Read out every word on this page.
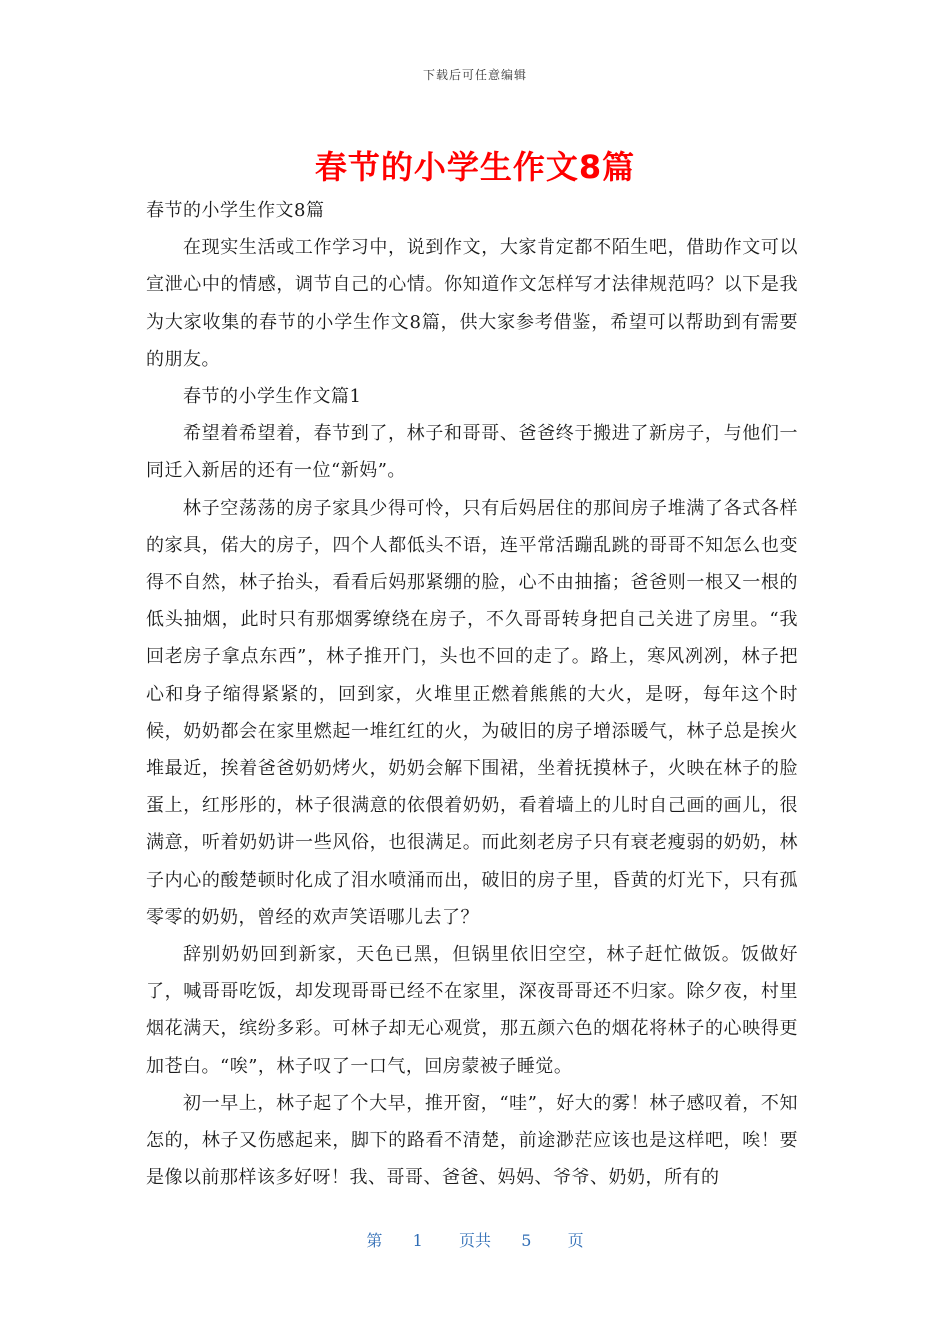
下载后可任意编辑
春节的小学生作文8篇

春节的小学生作文8篇

在现实生活或工作学习中，说到作文，大家肯定都不陌生吧，借助作文可以宣泄心中的情感，调节自己的心情。你知道作文怎样写才法律规范吗？以下是我为大家收集的春节的小学生作文8篇，供大家参考借鉴，希望可以帮助到有需要的朋友。

春节的小学生作文篇1

希望着希望着，春节到了，林子和哥哥、爸爸终于搬进了新房子，与他们一同迁入新居的还有一位“新妈”。

林子空荡荡的房子家具少得可怜，只有后妈居住的那间房子堆满了各式各样的家具，偌大的房子，四个人都低头不语，连平常活蹦乱跳的哥哥不知怎么也变得不自然，林子抬头，看看后妈那紧绷的脸，心不由抽搐；爸爸则一根又一根的低头抽烟，此时只有那烟雾缭绕在房子，不久哥哥转身把自己关进了房里。“我回老房子拿点东西”，林子推开门，头也不回的走了。路上，寒风冽冽，林子把心和身子缩得紧紧的，回到家，火堆里正燃着熊熊的大火，是呀，每年这个时候，奶奶都会在家里燃起一堆红红的火，为破旧的房子增添暖气，林子总是挨火堆最近，挨着爸爸奶奶烤火，奶奶会解下围裙，坐着抚摸林子，火映在林子的脸蛋上，红彤彤的，林子很满意的依偎着奶奶，看着墙上的儿时自己画的画儿，很满意，听着奶奶讲一些风俗，也很满足。而此刻老房子只有衰老瘦弱的奶奶，林子内心的酸楚顿时化成了泪水喷涌而出，破旧的房子里，昏黄的灯光下，只有孤零零的奶奶，曾经的欢声笑语哪儿去了？

辞别奶奶回到新家，天色已黑，但锅里依旧空空，林子赶忙做饭。饭做好了，喊哥哥吃饭，却发现哥哥已经不在家里，深夜哥哥还不归家。除夕夜，村里烟花满天，缤纷多彩。可林子却无心观赏，那五颜六色的烟花将林子的心映得更加苍白。“唉”，林子叹了一口气，回房蒙被子睡觉。

初一早上，林子起了个大早，推开窗，“哇”，好大的雾！林子感叹着，不知怎的，林子又伤感起来，脚下的路看不清楚，前途渺茫应该也是这样吧，唉！要是像以前那样该多好呀！我、哥哥、爸爸、妈妈、爷爷、奶奶，所有的

第 1 页共 5 页
